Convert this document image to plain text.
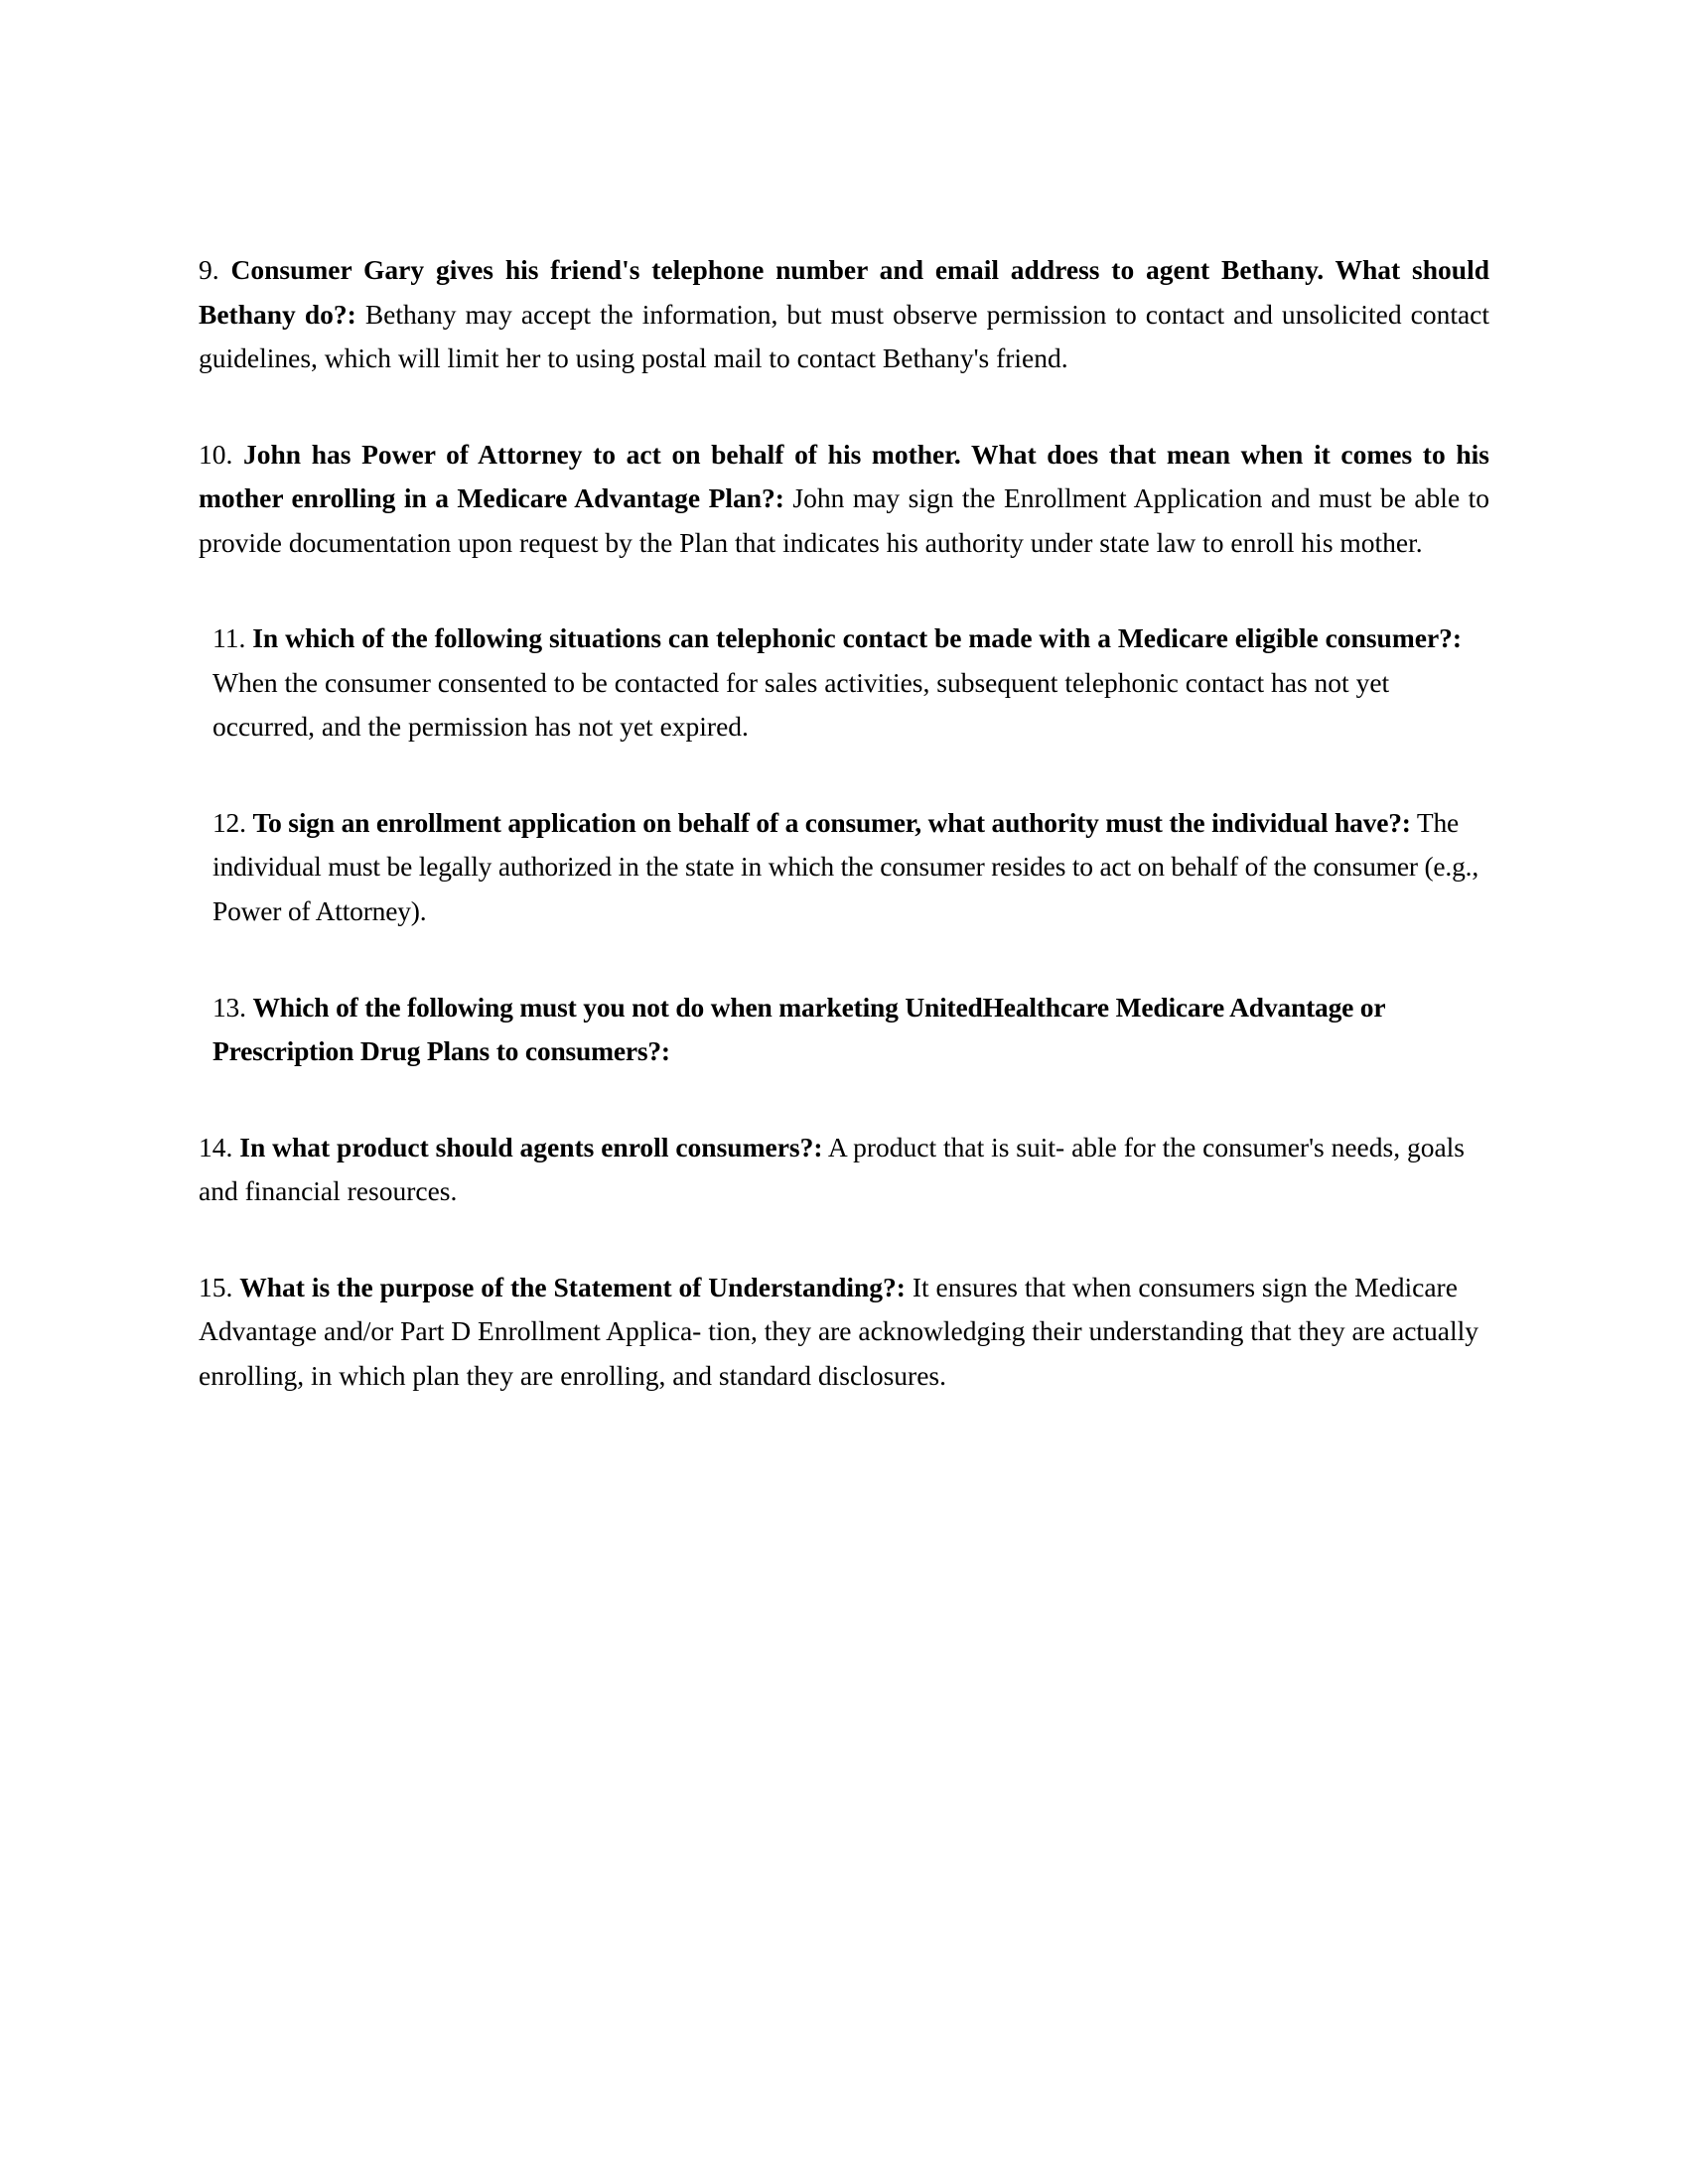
9. Consumer Gary gives his friend's telephone number and email address to agent Bethany. What should Bethany do?: Bethany may accept the information, but must observe permission to contact and unsolicited contact guidelines, which will limit her to using postal mail to contact Bethany's friend.

10. John has Power of Attorney to act on behalf of his mother. What does that mean when it comes to his mother enrolling in a Medicare Advantage Plan?: John may sign the Enrollment Application and must be able to provide documentation upon request by the Plan that indicates his authority under state law to enroll his mother.

11. In which of the following situations can telephonic contact be made with a Medicare eligible consumer?: When the consumer consented to be contacted for sales activities, subsequent telephonic contact has not yet occurred, and the permission has not yet expired.

12. To sign an enrollment application on behalf of a consumer, what authority must the individual have?: The individual must be legally authorized in the state in which the consumer resides to act on behalf of the consumer (e.g., Power of Attorney).

13. Which of the following must you not do when marketing UnitedHealthcare Medicare Advantage or Prescription Drug Plans to consumers?:

14. In what product should agents enroll consumers?: A product that is suit- able for the consumer's needs, goals and financial resources.

15. What is the purpose of the Statement of Understanding?: It ensures that when consumers sign the Medicare Advantage and/or Part D Enrollment Applica- tion, they are acknowledging their understanding that they are actually enrolling, in which plan they are enrolling, and standard disclosures.
